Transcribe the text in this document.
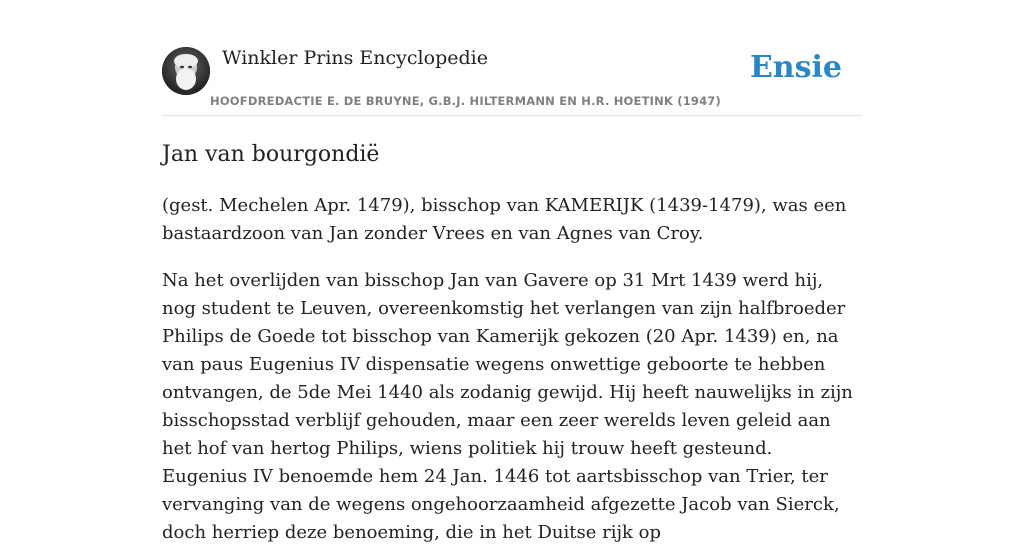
Winkler Prins Encyclopedie
HOOFDREDACTIE E. DE BRUYNE, G.B.J. HILTERMANN EN H.R. HOETINK (1947)
Ensie
Jan van bourgondië

(gest. Mechelen Apr. 1479), bisschop van KAMERIJK (1439-1479), was een bastaardzoon van Jan zonder Vrees en van Agnes van Croy.

Na het overlijden van bisschop Jan van Gavere op 31 Mrt 1439 werd hij, nog student te Leuven, overeenkomstig het verlangen van zijn halfbroeder Philips de Goede tot bisschop van Kamerijk gekozen (20 Apr. 1439) en, na van paus Eugenius IV dispensatie wegens onwettige geboorte te hebben ontvangen, de 5de Mei 1440 als zodanig gewijd. Hij heeft nauwelijks in zijn bisschopsstad verblijf gehouden, maar een zeer werelds leven geleid aan het hof van hertog Philips, wiens politiek hij trouw heeft gesteund. Eugenius IV benoemde hem 24 Jan. 1446 tot aartsbisschop van Trier, ter vervanging van de wegens ongehoorzaamheid afgezette Jacob van Sierck, doch herriep deze benoeming, die in het Duitse rijk op
